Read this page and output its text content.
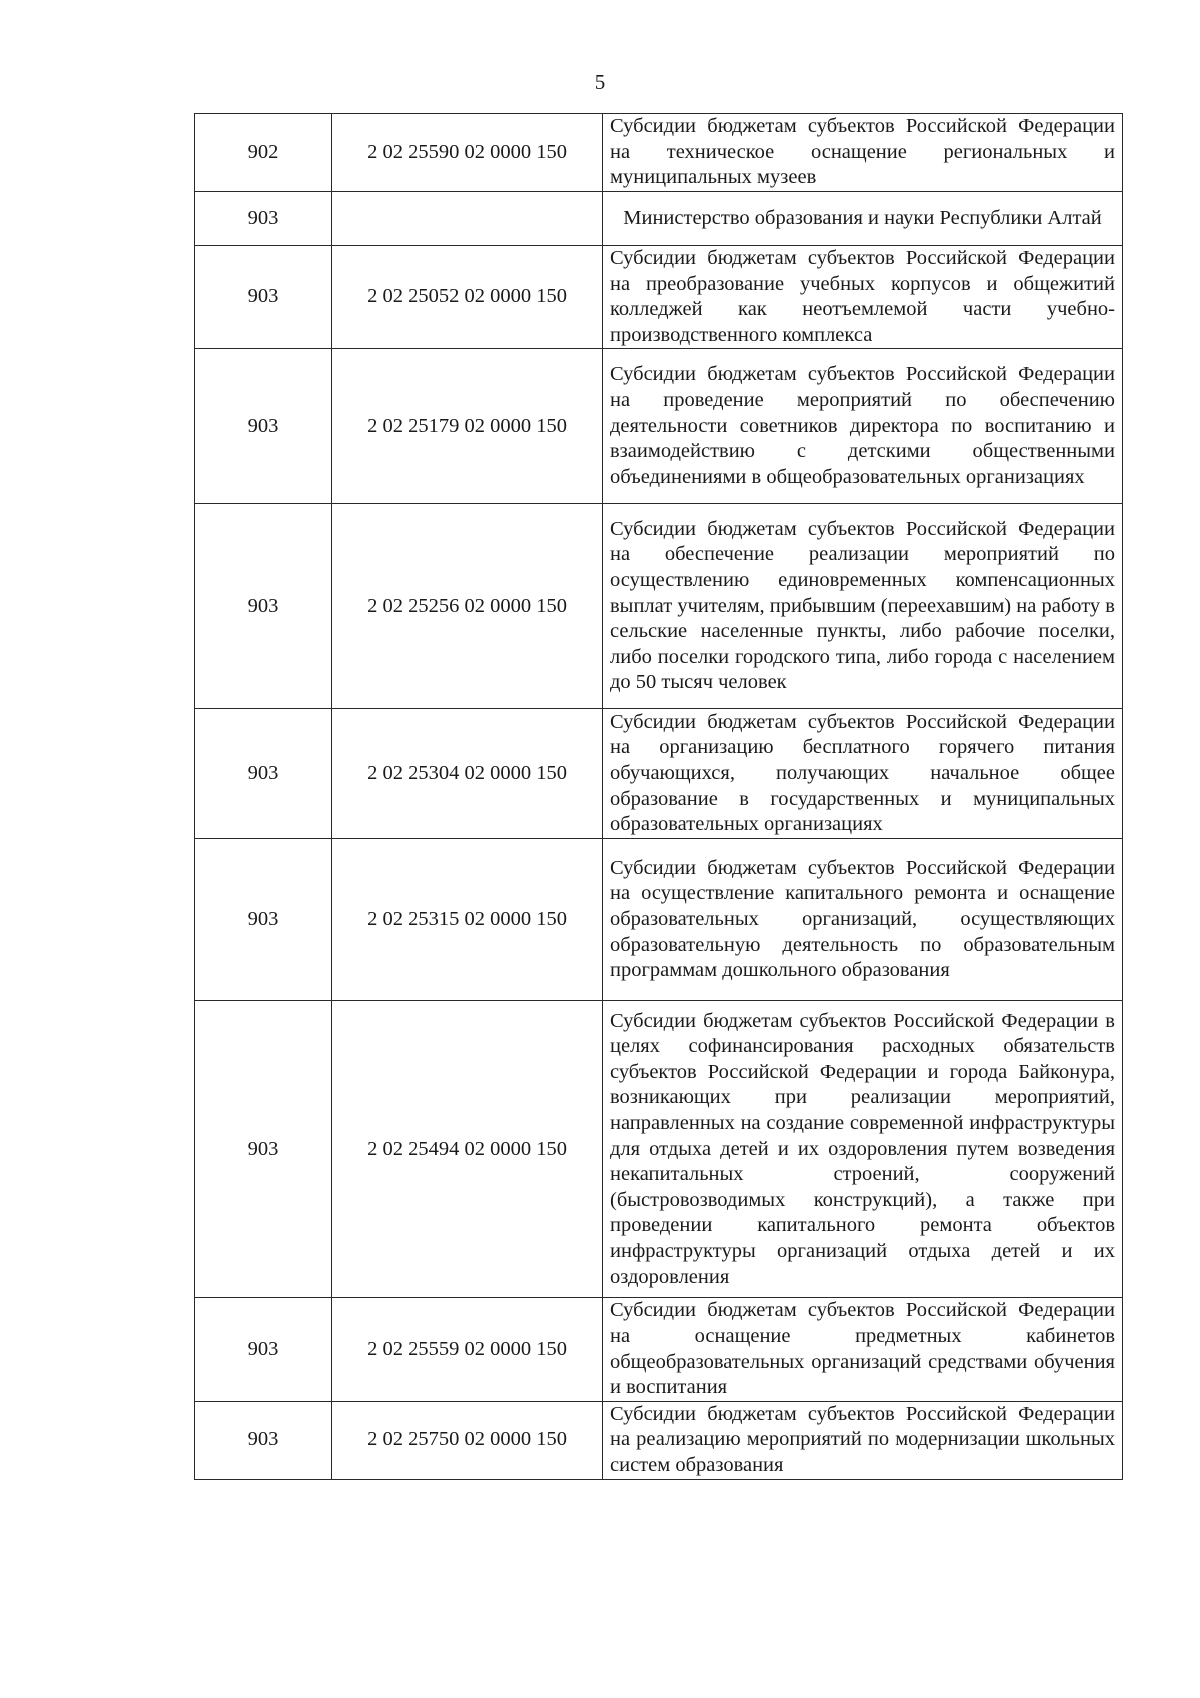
5
902	2 02 25590 02 0000 150	Субсидии бюджетам субъектов Российской Федерации на техническое оснащение региональных и муниципальных музеев
903		Министерство образования и науки Республики Алтай
903	2 02 25052 02 0000 150	Субсидии бюджетам субъектов Российской Федерации на преобразование учебных корпусов и общежитий колледжей как неотъемлемой части учебно-производственного комплекса
903	2 02 25179 02 0000 150	Субсидии бюджетам субъектов Российской Федерации на проведение мероприятий по обеспечению деятельности советников директора по воспитанию и взаимодействию с детскими общественными объединениями в общеобразовательных организациях
903	2 02 25256 02 0000 150	Субсидии бюджетам субъектов Российской Федерации на обеспечение реализации мероприятий по осуществлению единовременных компенсационных выплат учителям, прибывшим (переехавшим) на работу в сельские населенные пункты, либо рабочие поселки, либо поселки городского типа, либо города с населением до 50 тысяч человек
903	2 02 25304 02 0000 150	Субсидии бюджетам субъектов Российской Федерации на организацию бесплатного горячего питания обучающихся, получающих начальное общее образование в государственных и муниципальных образовательных организациях
903	2 02 25315 02 0000 150	Субсидии бюджетам субъектов Российской Федерации на осуществление капитального ремонта и оснащение образовательных организаций, осуществляющих образовательную деятельность по образовательным программам дошкольного образования
903	2 02 25494 02 0000 150	Субсидии бюджетам субъектов Российской Федерации в целях софинансирования расходных обязательств субъектов Российской Федерации и города Байконура, возникающих при реализации мероприятий, направленных на создание современной инфраструктуры для отдыха детей и их оздоровления путем возведения некапитальных строений, сооружений (быстровозводимых конструкций), а также при проведении капитального ремонта объектов инфраструктуры организаций отдыха детей и их оздоровления
903	2 02 25559 02 0000 150	Субсидии бюджетам субъектов Российской Федерации на оснащение предметных кабинетов общеобразовательных организаций средствами обучения и воспитания
903	2 02 25750 02 0000 150	Субсидии бюджетам субъектов Российской Федерации на реализацию мероприятий по модернизации школьных систем образования
